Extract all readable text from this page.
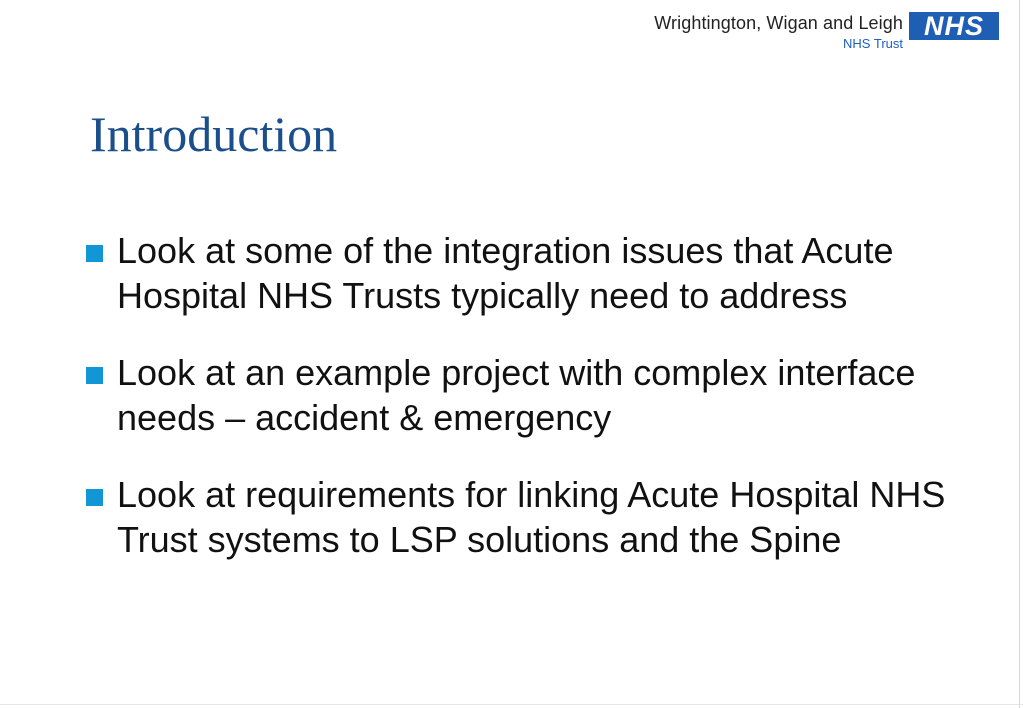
Wrightington, Wigan and Leigh
NHS Trust
NHS
Introduction
Look at some of the integration issues that Acute Hospital NHS Trusts typically need to address
Look at an example project with complex interface needs – accident & emergency
Look at requirements for linking Acute Hospital NHS Trust systems to LSP solutions and the Spine
